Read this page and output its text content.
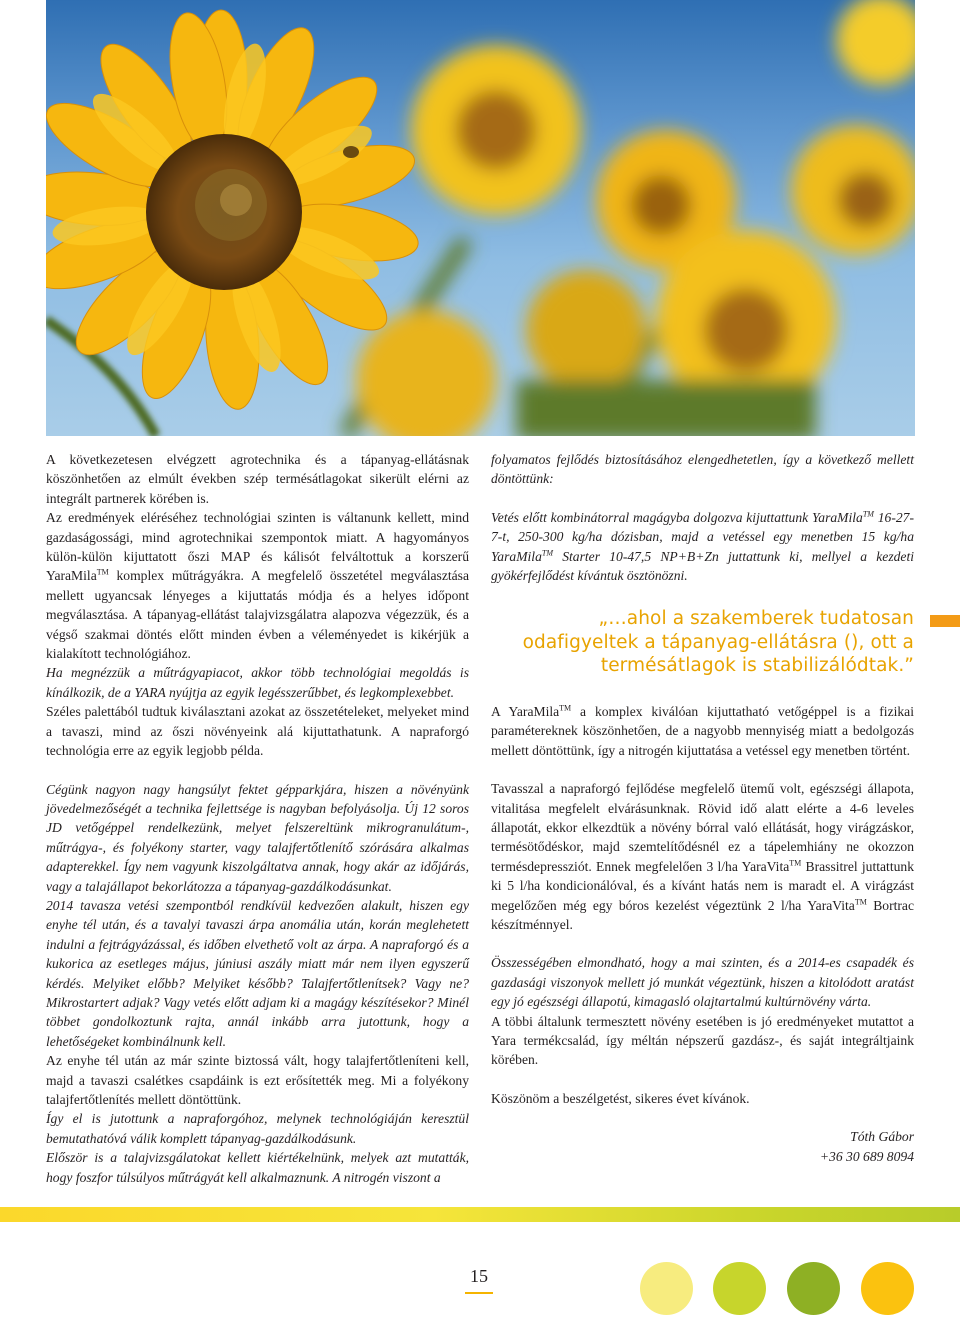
A következetesen elvégzett agrotechnika és a tápanyag-ellátásnak köszönhetően az elmúlt években szép termésátlagokat sikerült elérni az integrált partnerek körében is.

Az eredmények eléréséhez technológiai szinten is váltanunk kellett, mind gazdaságossági, mind agrotechnikai szempontok miatt. A hagyományos külön-külön kijuttatott őszi MAP és kálisót felváltottuk a korszerű YaraMila™ komplex műtrágyákra. A megfelelő összetétel megválasztása mellett ugyancsak lényeges a kijuttatás módja és a helyes időpont megválasztása. A tápanyag-ellátást talajvizsgálatra alapozva végezzük, és a végső szakmai döntés előtt minden évben a véleményedet is kikérjük a kialakított technológiához.

Ha megnézzük a műtrágyapiacot, akkor több technológiai megoldás is kínálkozik, de a YARA nyújtja az egyik legésszerűbbet, és legkomplexebbet.

Széles palettából tudtuk kiválasztani azokat az összetételeket, melyeket mind a tavaszi, mind az őszi növényeink alá kijuttathatunk. A napraforgó technológia erre az egyik legjobb példa.

Cégünk nagyon nagy hangsúlyt fektet gépparkjára, hiszen a növényünk jövedelmezőségét a technika fejlettsége is nagyban befolyásolja. Új 12 soros JD vetőgéppel rendelkezünk, melyet felszereltünk mikrogranulátum-, műtrágya-, és folyékony starter, vagy talajfertőtlenítő szórására alkalmas adapterekkel. Így nem vagyunk kiszolgáltatva annak, hogy akár az időjárás, vagy a talajállapot bekorlátozza a tápanyag-gazdálkodásunkat.

2014 tavasza vetési szempontból rendkívül kedvezően alakult, hiszen egy enyhe tél után, és a tavalyi tavaszi árpa anomália után, korán meglehetett indulni a fejtrágyázással, és időben elvethető volt az árpa. A napraforgó és a kukorica az esetleges május, júniusi aszály miatt már nem ilyen egyszerű kérdés. Melyiket előbb? Melyiket később? Talajfertőtlenítsek? Vagy ne? Mikrostartert adjak? Vagy vetés előtt adjam ki a magágy készítésekor? Minél többet gondolkoztunk rajta, annál inkább arra jutottunk, hogy a lehetőségeket kombinálnunk kell.

Az enyhe tél után az már szinte biztossá vált, hogy talajfertőtleníteni kell, majd a tavaszi csalétkes csapdáink is ezt erősítették meg. Mi a folyékony talajfertőtlenítés mellett döntöttünk.

Így el is jutottunk a napraforgóhoz, melynek technológiáján keresztül bemutathatóvá válik komplett tápanyag-gazdálkodásunk.

Először is a talajvizsgálatokat kellett kiértékelnünk, melyek azt mutatták, hogy foszfor túlsúlyos műtrágyát kell alkalmaznunk. A nitrogén viszont a

folyamatos fejlődés biztosításához elengedhetetlen, így a következő mellett döntöttünk:

Vetés előtt kombinátorral magágyba dolgozva kijuttattunk YaraMila™ 16-27-7-t, 250-300 kg/ha dózisban, majd a vetéssel egy menetben 15 kg/ha YaraMila™ Starter 10-47,5 NP+B+Zn juttattunk ki, mellyel a kezdeti gyökérfejlődést kívántuk ösztönözni.

„…ahol a szakemberek tudatosan odafigyeltek a tápanyag-ellátásra (), ott a termésátlagok is stabilizálódtak.”

A YaraMila™ a komplex kiválóan kijuttatható vetőgéppel is a fizikai paramétereknek köszönhetően, de a nagyobb mennyiség miatt a bedolgozás mellett döntöttünk, így a nitrogén kijuttatása a vetéssel egy menetben történt.

Tavasszal a napraforgó fejlődése megfelelő ütemű volt, egészségi állapota, vitalitása megfelelt elvárásunknak. Rövid idő alatt elérte a 4-6 leveles állapotát, ekkor elkezdtük a növény bórral való ellátását, hogy virágzáskor, termésötődéskor, majd szemtelítődésnél ez a tápelemhiány ne okozzon termésdepressziót. Ennek megfelelően 3 l/ha YaraVita™ Brassitrel juttattunk ki 5 l/ha kondicionálóval, és a kívánt hatás nem is maradt el. A virágzást megelőzően még egy bóros kezelést végeztünk 2 l/ha YaraVita™ Bortrac készítménnyel.

Összességében elmondható, hogy a mai szinten, és a 2014-es csapadék és gazdasági viszonyok mellett jó munkát végeztünk, hiszen a kitolódott aratást egy jó egészségi állapotú, kimagasló olajtartalmú kultúrnövény várta.

A többi általunk termesztett növény esetében is jó eredményeket mutattot a Yara termékcsalád, így méltán népszerű gazdász-, és saját integráltjaink körében.

Köszönöm a beszélgetést, sikeres évet kívánok.

Tóth Gábor

+36 30 689 8094

15
